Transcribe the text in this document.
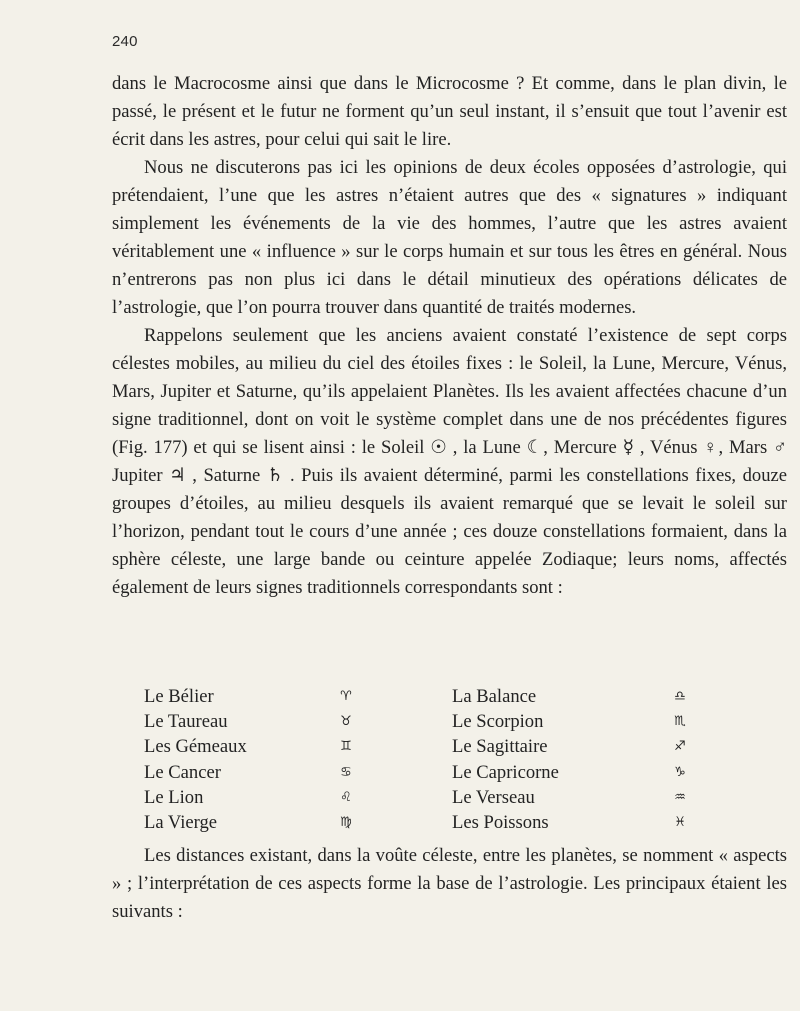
240

dans le Macrocosme ainsi que dans le Microcosme ? Et comme, dans le plan divin, le passé, le présent et le futur ne forment qu’un seul instant, il s’ensuit que tout l’avenir est écrit dans les astres, pour celui qui sait le lire.

Nous ne discuterons pas ici les opinions de deux écoles opposées d’astrologie, qui prétendaient, l’une que les astres n’étaient autres que des « signatures » indiquant simplement les événements de la vie des hommes, l’autre que les astres avaient véritablement une « influence » sur le corps humain et sur tous les êtres en général. Nous n’entrerons pas non plus ici dans le détail minutieux des opérations délicates de l’astrologie, que l’on pourra trouver dans quantité de traités modernes.

Rappelons seulement que les anciens avaient constaté l’existence de sept corps célestes mobiles, au milieu du ciel des étoiles fixes : le Soleil, la Lune, Mercure, Vénus, Mars, Jupiter et Saturne, qu’ils appelaient Planètes. Ils les avaient affectées chacune d’un signe traditionnel, dont on voit le système complet dans une de nos précédentes figures (Fig. 177) et qui se lisent ainsi : le Soleil ☉ , la Lune ☾, Mercure ☿ , Vénus ♀, Mars ♂ Jupiter ♃ , Saturne ♄ . Puis ils avaient déterminé, parmi les constellations fixes, douze groupes d’étoiles, au milieu desquels ils avaient remarqué que se levait le soleil sur l’horizon, pendant tout le cours d’une année ; ces douze constellations formaient, dans la sphère céleste, une large bande ou ceinture appelée Zodiaque; leurs noms, affectés également de leurs signes traditionnels correspondants sont :

Le Bélier	♈	La Balance	♎
Le Taureau	♉	Le Scorpion	♏
Les Gémeaux	♊	Le Sagittaire	♐
Le Cancer	♋	Le Capricorne	♑
Le Lion	♌	Le Verseau	♒
La Vierge	♍	Les Poissons	♓

Les distances existant, dans la voûte céleste, entre les planètes, se nomment « aspects » ; l’interprétation de ces aspects forme la base de l’astrologie. Les principaux étaient les suivants :
